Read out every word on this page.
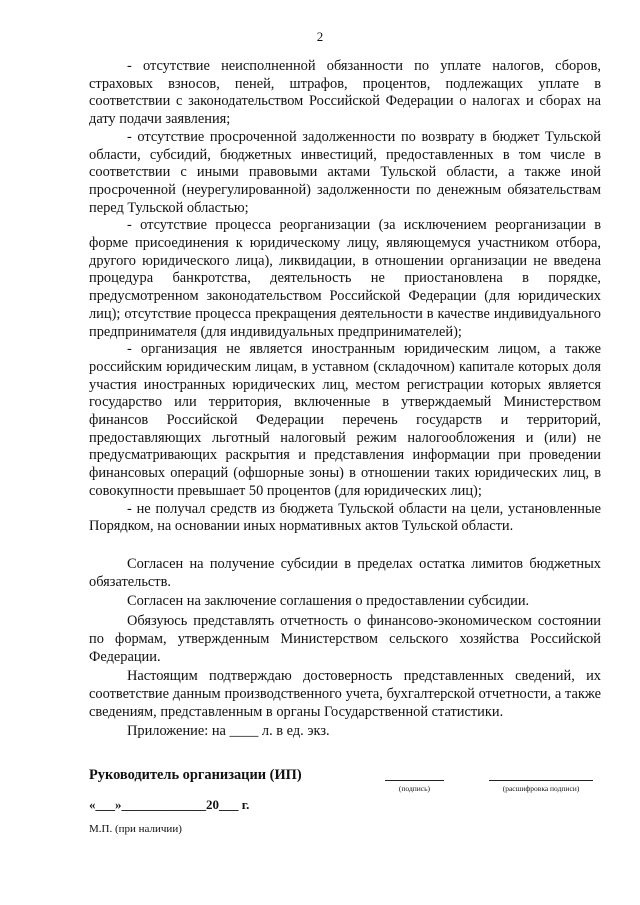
2

- отсутствие неисполненной обязанности по уплате налогов, сборов, страховых взносов, пеней, штрафов, процентов, подлежащих уплате в соответствии с законодательством Российской Федерации о налогах и сборах на дату подачи заявления;

- отсутствие просроченной задолженности по возврату в бюджет Тульской области, субсидий, бюджетных инвестиций, предоставленных в том числе в соответствии с иными правовыми актами Тульской области, а также иной просроченной (неурегулированной) задолженности по денежным обязательствам перед Тульской областью;

- отсутствие процесса реорганизации (за исключением реорганизации в форме присоединения к юридическому лицу, являющемуся участником отбора, другого юридического лица), ликвидации, в отношении организации не введена процедура банкротства, деятельность не приостановлена в порядке, предусмотренном законодательством Российской Федерации (для юридических лиц); отсутствие процесса прекращения деятельности в качестве индивидуального предпринимателя (для индивидуальных предпринимателей);

- организация не является иностранным юридическим лицом, а также российским юридическим лицам, в уставном (складочном) капитале которых доля участия иностранных юридических лиц, местом регистрации которых является государство или территория, включенные в утверждаемый Министерством финансов Российской Федерации перечень государств и территорий, предоставляющих льготный налоговый режим налогообложения и (или) не предусматривающих раскрытия и представления информации при проведении финансовых операций (офшорные зоны) в отношении таких юридических лиц, в совокупности превышает 50 процентов (для юридических лиц);

- не получал средств из бюджета Тульской области на цели, установленные Порядком, на основании иных нормативных актов Тульской области.

Согласен на получение субсидии в пределах остатка лимитов бюджетных обязательств.

Согласен на заключение соглашения о предоставлении субсидии.

Обязуюсь представлять отчетность о финансово-экономическом состоянии по формам, утвержденным Министерством сельского хозяйства Российской Федерации.

Настоящим подтверждаю достоверность представленных сведений, их соответствие данным производственного учета, бухгалтерской отчетности, а также сведениям, представленным в органы Государственной статистики.

Приложение: на ____ л. в ед. экз.
Руководитель организации (ИП)
(подпись)	(расшифровка подписи)
«___»_____________20___ г.
М.П. (при наличии)
